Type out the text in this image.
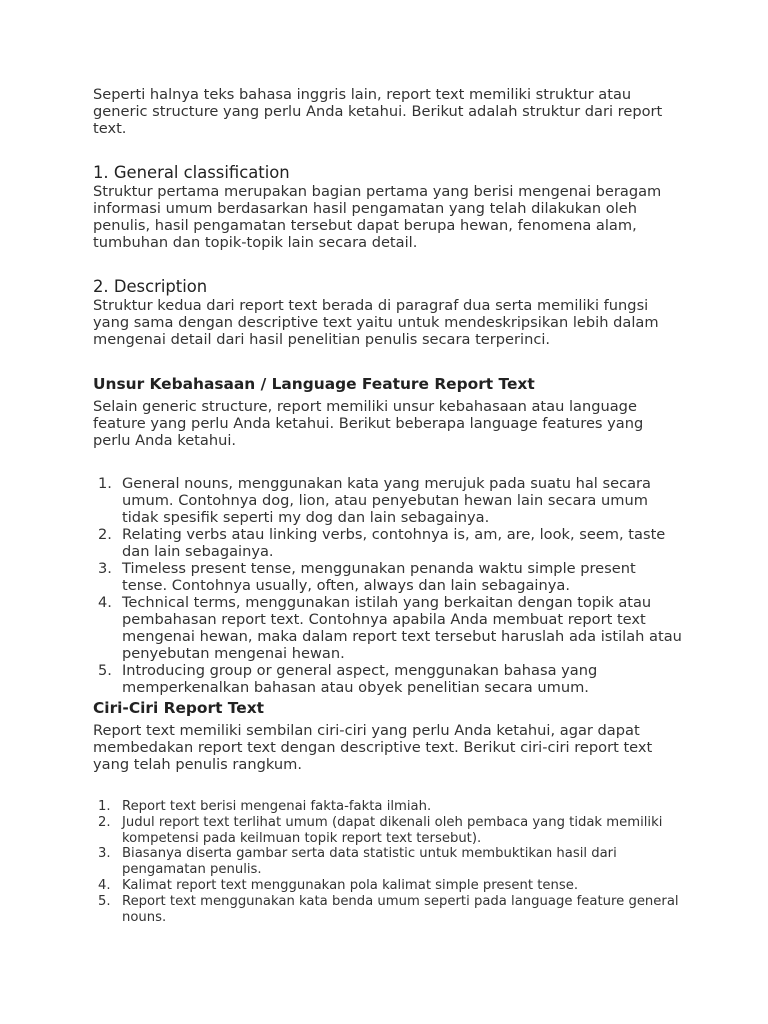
Seperti halnya teks bahasa inggris lain, report text memiliki struktur atau generic structure yang perlu Anda ketahui. Berikut adalah struktur dari report text.

1. General classification

Struktur pertama merupakan bagian pertama yang berisi mengenai beragam informasi umum berdasarkan hasil pengamatan yang telah dilakukan oleh penulis, hasil pengamatan tersebut dapat berupa hewan, fenomena alam, tumbuhan dan topik-topik lain secara detail.

2. Description

Struktur kedua dari report text berada di paragraf dua serta memiliki fungsi yang sama dengan descriptive text yaitu untuk mendeskripsikan lebih dalam mengenai detail dari hasil penelitian penulis secara terperinci.

Unsur Kebahasaan / Language Feature Report Text

Selain generic structure, report memiliki unsur kebahasaan atau language feature yang perlu Anda ketahui. Berikut beberapa language features yang perlu Anda ketahui.

1. General nouns, menggunakan kata yang merujuk pada suatu hal secara umum. Contohnya dog, lion, atau penyebutan hewan lain secara umum tidak spesifik seperti my dog dan lain sebagainya.
2. Relating verbs atau linking verbs, contohnya is, am, are, look, seem, taste dan lain sebagainya.
3. Timeless present tense, menggunakan penanda waktu simple present tense. Contohnya usually, often, always dan lain sebagainya.
4. Technical terms, menggunakan istilah yang berkaitan dengan topik atau pembahasan report text. Contohnya apabila Anda membuat report text mengenai hewan, maka dalam report text tersebut haruslah ada istilah atau penyebutan mengenai hewan.
5. Introducing group or general aspect, menggunakan bahasa yang memperkenalkan bahasan atau obyek penelitian secara umum.
Ciri-Ciri Report Text

Report text memiliki sembilan ciri-ciri yang perlu Anda ketahui, agar dapat membedakan report text dengan descriptive text. Berikut ciri-ciri report text yang telah penulis rangkum.

1. Report text berisi mengenai fakta-fakta ilmiah.
2. Judul report text terlihat umum (dapat dikenali oleh pembaca yang tidak memiliki kompetensi pada keilmuan topik report text tersebut).
3. Biasanya diserta gambar serta data statistic untuk membuktikan hasil dari pengamatan penulis.
4. Kalimat report text menggunakan pola kalimat simple present tense.
5. Report text menggunakan kata benda umum seperti pada language feature general nouns.
